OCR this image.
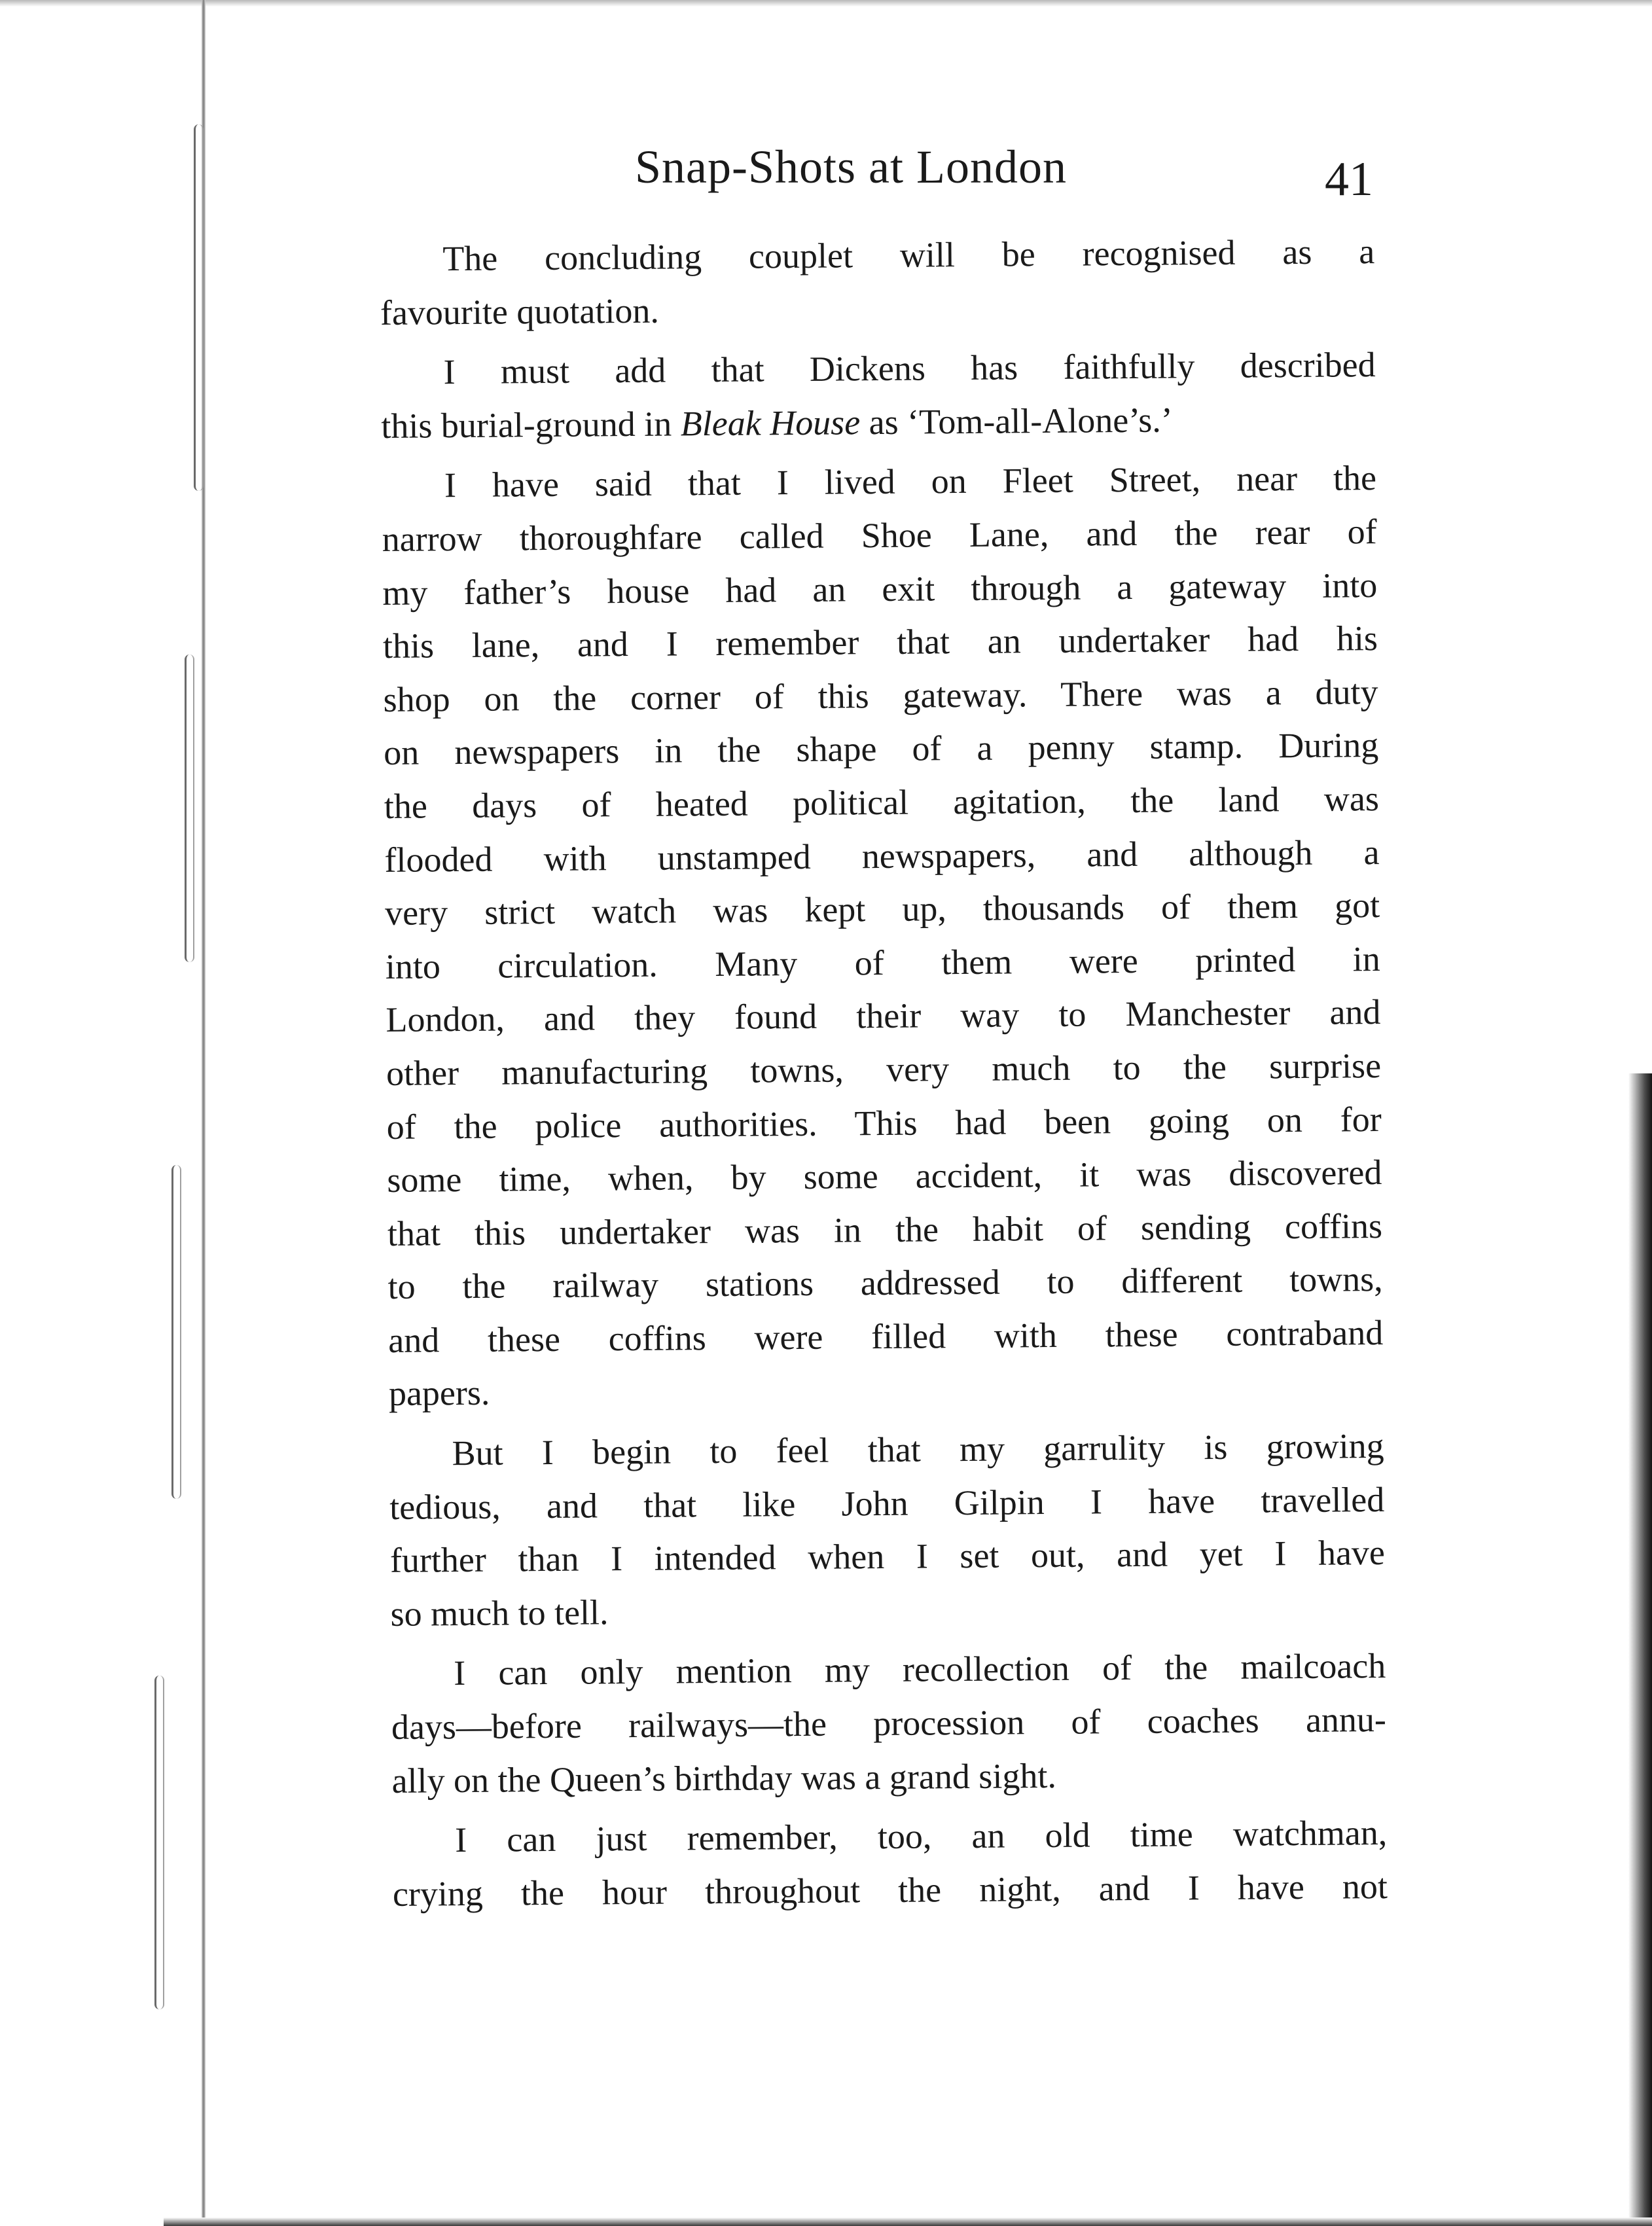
Snap-Shots at London	41
The concluding couplet will be recognised as a
favourite quotation.
I must add that Dickens has faithfully described
this burial-ground in Bleak House as ‘Tom-all-Alone’s.’
I have said that I lived on Fleet Street, near the
narrow thoroughfare called Shoe Lane, and the rear of
my father’s house had an exit through a gateway into
this lane, and I remember that an undertaker had his
shop on the corner of this gateway. There was a duty
on newspapers in the shape of a penny stamp. During
the days of heated political agitation, the land was
flooded with unstamped newspapers, and although a
very strict watch was kept up, thousands of them got
into circulation. Many of them were printed in
London, and they found their way to Manchester and
other manufacturing towns, very much to the surprise
of the police authorities. This had been going on for
some time, when, by some accident, it was discovered
that this undertaker was in the habit of sending coffins
to the railway stations addressed to different towns,
and these coffins were filled with these contraband
papers.
But I begin to feel that my garrulity is growing
tedious, and that like John Gilpin I have travelled
further than I intended when I set out, and yet I have
so much to tell.
I can only mention my recollection of the mailcoach
days—before railways—the procession of coaches annu-
ally on the Queen’s birthday was a grand sight.
I can just remember, too, an old time watchman,
crying the hour throughout the night, and I have not
